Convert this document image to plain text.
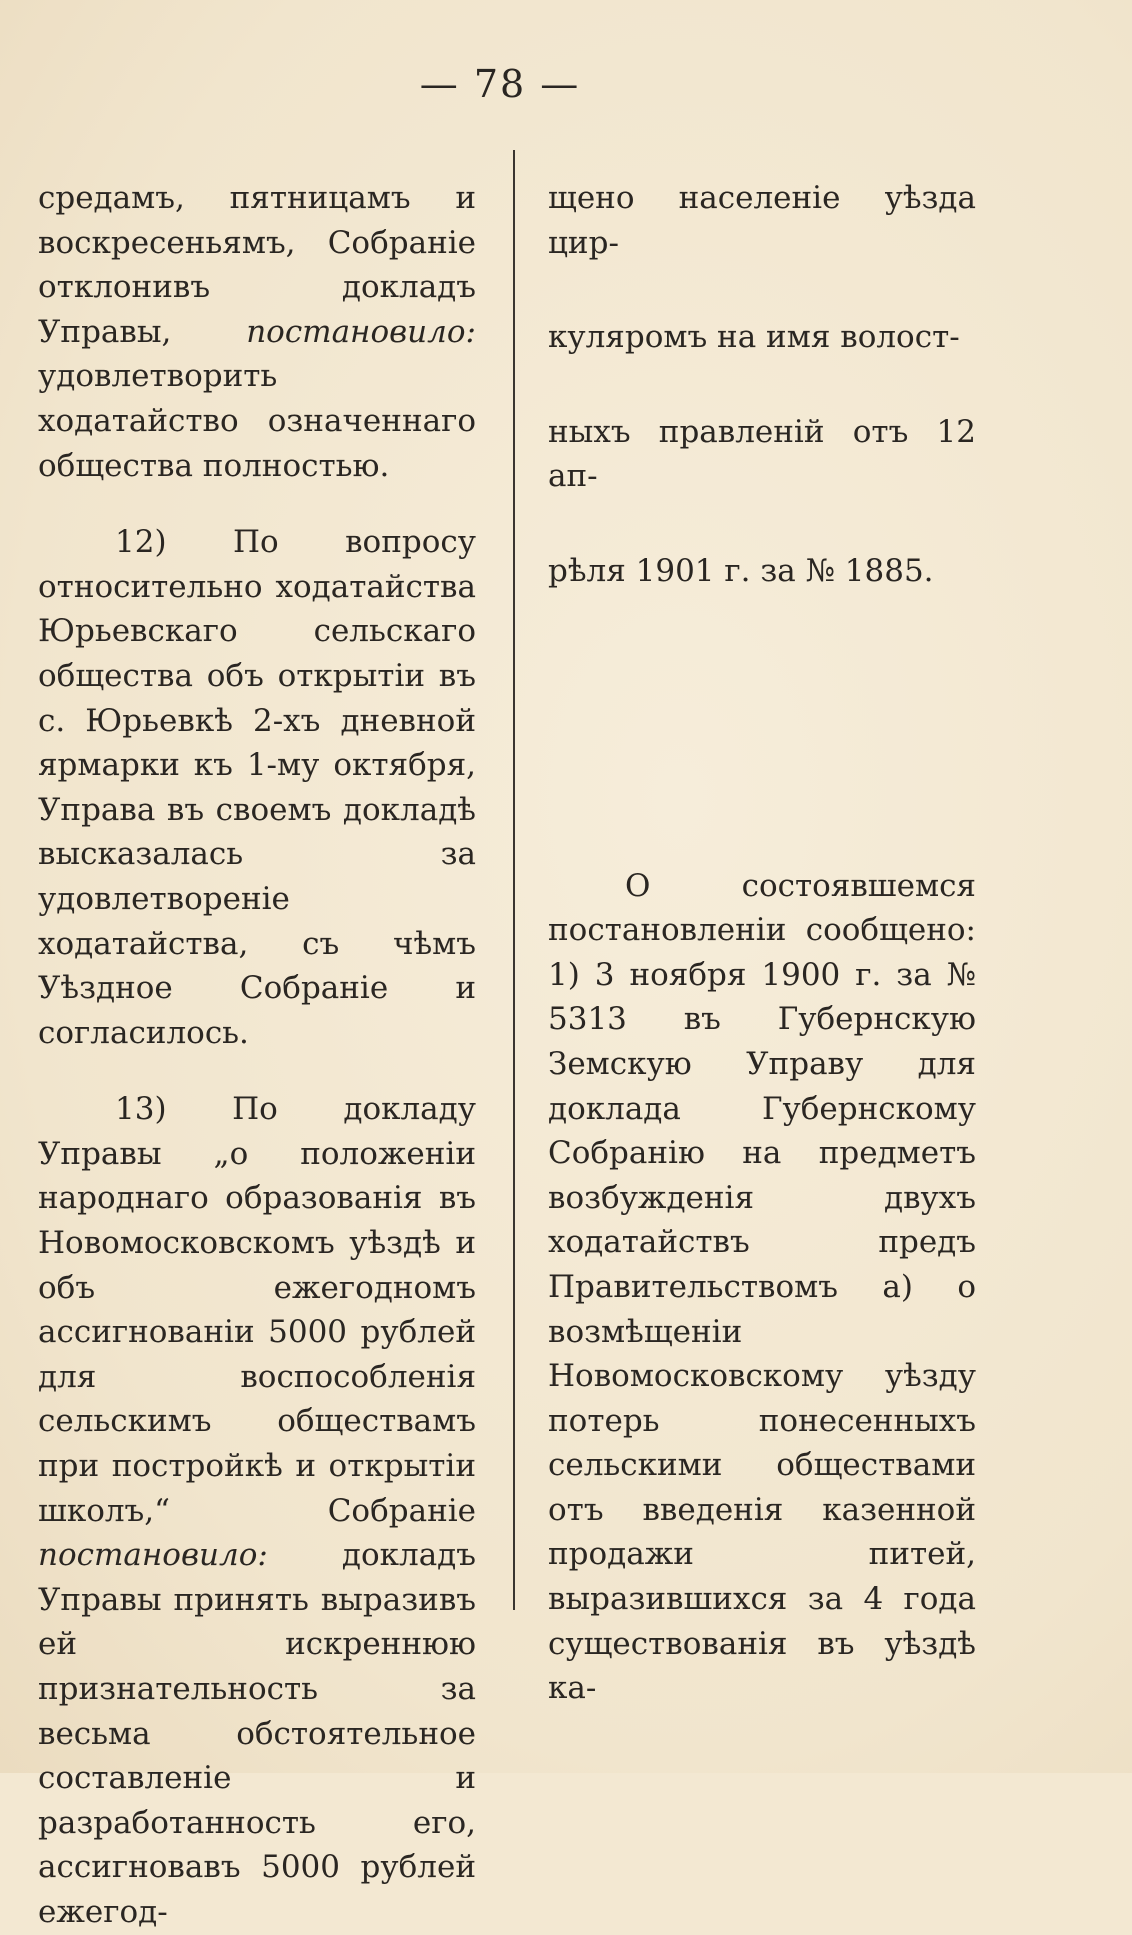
— 78 —

средамъ, пятницамъ и воскресеньямъ, Собраніе отклонивъ докладъ Управы, постановило: удовлетворить ходатайство означеннаго общества полностью.

12) По вопросу относительно ходатайства Юрьевскаго сельскаго общества объ открытіи въ с. Юрьевкѣ 2-хъ дневной ярмарки къ 1-му октября, Управа въ своемъ докладѣ высказалась за удовлетвореніе ходатайства, съ чѣмъ Уѣздное Собраніе и согласилось.

13) По докладу Управы „о положеніи народнаго образованія въ Новомосковскомъ уѣздѣ и объ ежегодномъ ассигнованіи 5000 рублей для воспособленія сельскимъ обществамъ при постройкѣ и открытіи школъ,“ Собраніе постановило: докладъ Управы принять выразивъ ей искреннюю признательность за весьма обстоятельное составленіе и разработанность его, ассигновавъ 5000 рублей ежегод-

щено населеніе уѣзда цир-

куляромъ на имя волост-

ныхъ правленій отъ 12 ап-

рѣля 1901 г. за № 1885.

О состоявшемся постановленіи сообщено: 1) 3 ноября 1900 г. за № 5313 въ Губернскую Земскую Управу для доклада Губернскому Собранію на предметъ возбужденія двухъ ходатайствъ предъ Правительствомъ а) о возмѣщеніи Новомосковскому уѣзду потерь понесенныхъ сельскими обществами отъ введенія казенной продажи питей, выразившихся за 4 года существованія въ уѣздѣ ка-
